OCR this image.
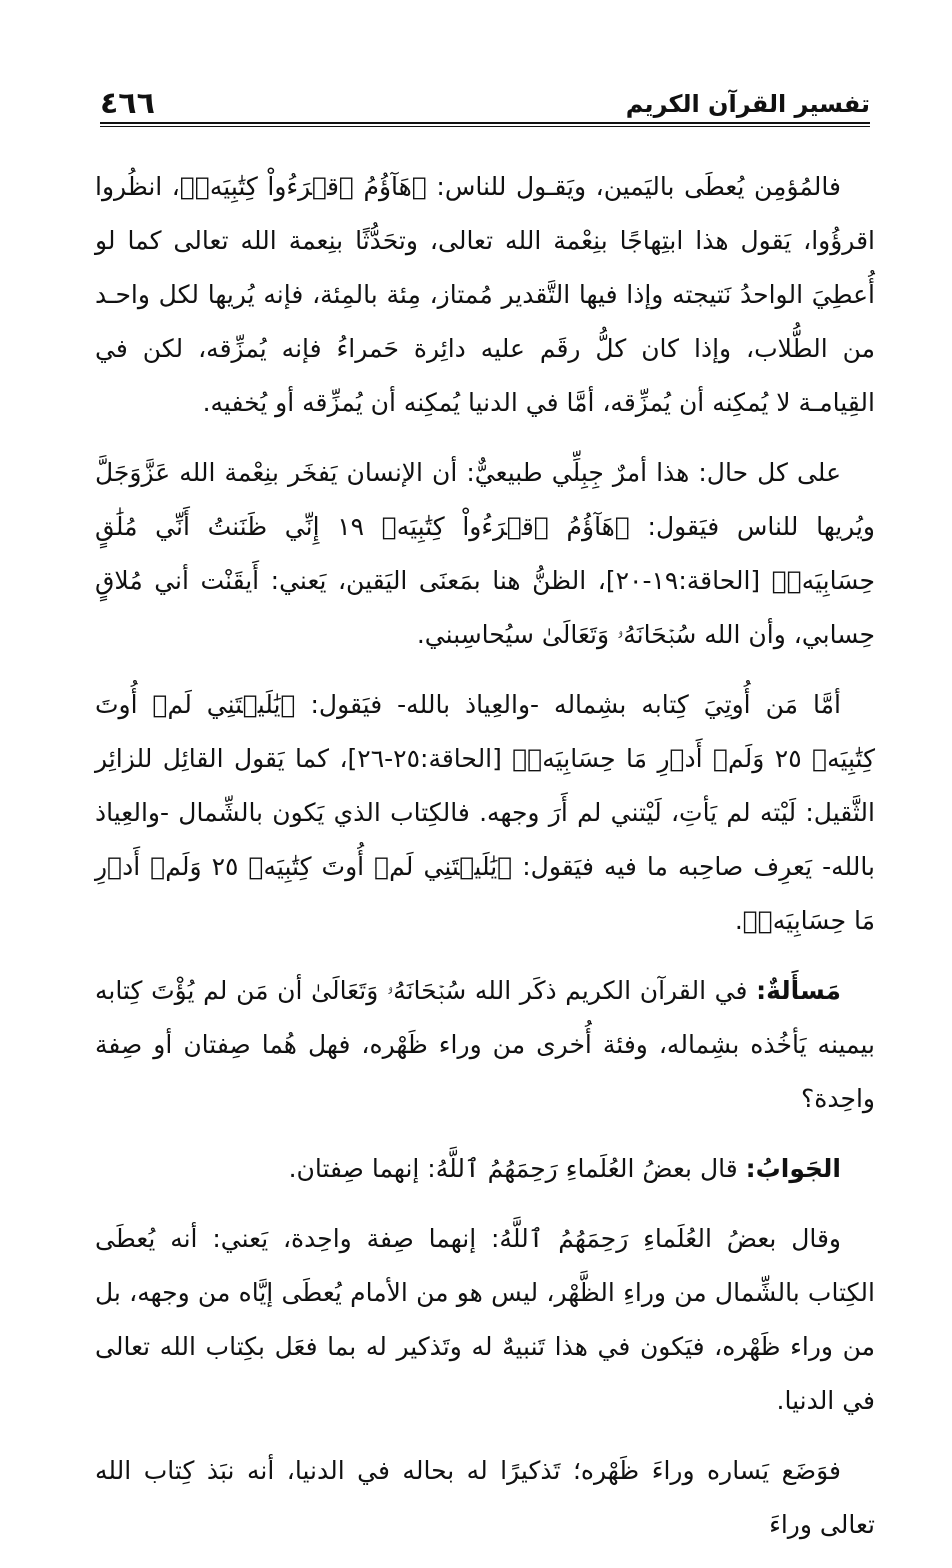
٤٦٦	تفسير القرآن الكريم

فالمُؤمِن يُعطَى باليَمين، ويَقـول للناس: ﴿هَآؤُمُ ٱقۡرَءُواْ كِتَٰبِيَهۡ﴾، انظُروا اقرؤُوا، يَقول هذا ابتِهاجًا بنِعْمة الله تعالى، وتحَدُّثًا بنِعمة الله تعالى كما لو أُعطِيَ الواحدُ نَتيجته وإذا فيها التَّقدير مُمتاز، مِئة بالمِئة، فإنه يُريها لكل واحـد من الطُّلاب، وإذا كان كلُّ رقَم عليه دائِرة حَمراءُ فإنه يُمزِّقه، لكن في القِيامـة لا يُمكِنه أن يُمزِّقه، أمَّا في الدنيا يُمكِنه أن يُمزِّقه أو يُخفيه.

على كل حال: هذا أمرٌ جِبِلِّي طبيعيٌّ: أن الإنسان يَفخَر بنِعْمة الله عَزَّوَجَلَّ ويُريها للناس فيَقول: ﴿هَآؤُمُ ٱقۡرَءُواْ كِتَٰبِيَهۡ ١٩ إِنِّي ظَنَنتُ أَنِّي مُلَٰقٍ حِسَابِيَهۡ﴾ [الحاقة:١٩-٢٠]، الظنُّ هنا بمَعنَى اليَقين، يَعني: أَيقَنْت أني مُلاقٍ حِسابي، وأن الله سُبۡحَانَهُۥ وَتَعَالَىٰ سيُحاسِبني.

أمَّا مَن أُوتِيَ كِتابه بشِماله -والعِياذ بالله- فيَقول: ﴿يَٰلَيۡتَنِي لَمۡ أُوتَ كِتَٰبِيَهۡ ٢٥ وَلَمۡ أَدۡرِ مَا حِسَابِيَهۡ﴾ [الحاقة:٢٥-٢٦]، كما يَقول القائِل للزائِر الثَّقيل: لَيْته لم يَأتِ، لَيْتني لم أَرَ وجهه. فالكِتاب الذي يَكون بالشِّمال -والعِياذ بالله- يَعرِف صاحِبه ما فيه فيَقول: ﴿يَٰلَيۡتَنِي لَمۡ أُوتَ كِتَٰبِيَهۡ ٢٥ وَلَمۡ أَدۡرِ مَا حِسَابِيَهۡ﴾.

مَسأَلةٌ: في القرآن الكريم ذكَر الله سُبۡحَانَهُۥ وَتَعَالَىٰ أن مَن لم يُؤْتَ كِتابه بيمينه يَأخُذه بشِماله، وفئة أُخرى من وراء ظَهْره، فهل هُما صِفتان أو صِفة واحِدة؟

الجَوابُ: قال بعضُ العُلَماءِ رَحِمَهُمُ ٱللَّهُ: إنهما صِفتان.

وقال بعضُ العُلَماءِ رَحِمَهُمُ ٱللَّهُ: إنهما صِفة واحِدة، يَعني: أنه يُعطَى الكِتاب بالشِّمال من وراءِ الظَّهْر، ليس هو من الأمام يُعطَى إيَّاه من وجهه، بل من وراء ظَهْره، فيَكون في هذا تَنبيهٌ له وتَذكير له بما فعَل بكِتاب الله تعالى في الدنيا.

فوَضَع يَساره وراءَ ظَهْره؛ تَذكيرًا له بحاله في الدنيا، أنه نبَذ كِتاب الله تعالى وراءَ
